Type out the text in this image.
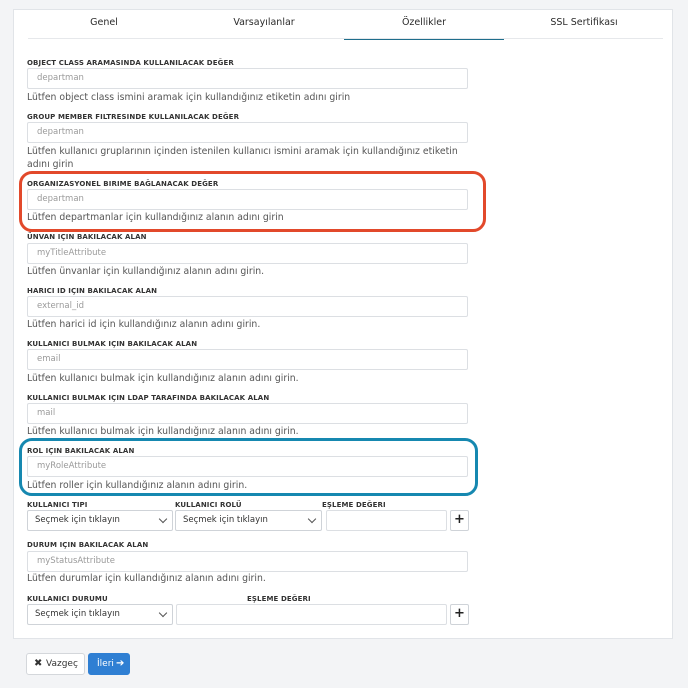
Genel	Varsayılanlar	Özellikler	SSL Sertifikası
OBJECT CLASS ARAMASINDA KULLANILACAK DEĞER
departman
Lütfen object class ismini aramak için kullandığınız etiketin adını girin
GROUP MEMBER FILTRESINDE KULLANILACAK DEĞER
departman
Lütfen kullanıcı gruplarının içinden istenilen kullanıcı ismini aramak için kullandığınız etiketin adını girin
ORGANIZASYONEL BIRIME BAĞLANACAK DEĞER
departman
Lütfen departmanlar için kullandığınız alanın adını girin
ÜNVAN IÇIN BAKILACAK ALAN
myTitleAttribute
Lütfen ünvanlar için kullandığınız alanın adını girin.
HARICI ID IÇIN BAKILACAK ALAN
external_id
Lütfen harici id için kullandığınız alanın adını girin.
KULLANICI BULMAK IÇIN BAKILACAK ALAN
email
Lütfen kullanıcı bulmak için kullandığınız alanın adını girin.
KULLANICI BULMAK IÇIN LDAP TARAFINDA BAKILACAK ALAN
mail
Lütfen kullanıcı bulmak için kullandığınız alanın adını girin.
ROL IÇIN BAKILACAK ALAN
myRoleAttribute
Lütfen roller için kullandığınız alanın adını girin.
KULLANICI TIPI
Seçmek için tıklayın
KULLANICI ROLÜ
Seçmek için tıklayın
EŞLEME DEĞERI
+
DURUM IÇIN BAKILACAK ALAN
myStatusAttribute
Lütfen durumlar için kullandığınız alanın adını girin.
KULLANICI DURUMU
Seçmek için tıklayın
EŞLEME DEĞERI
+
✖ Vazgeç İleri ➔
